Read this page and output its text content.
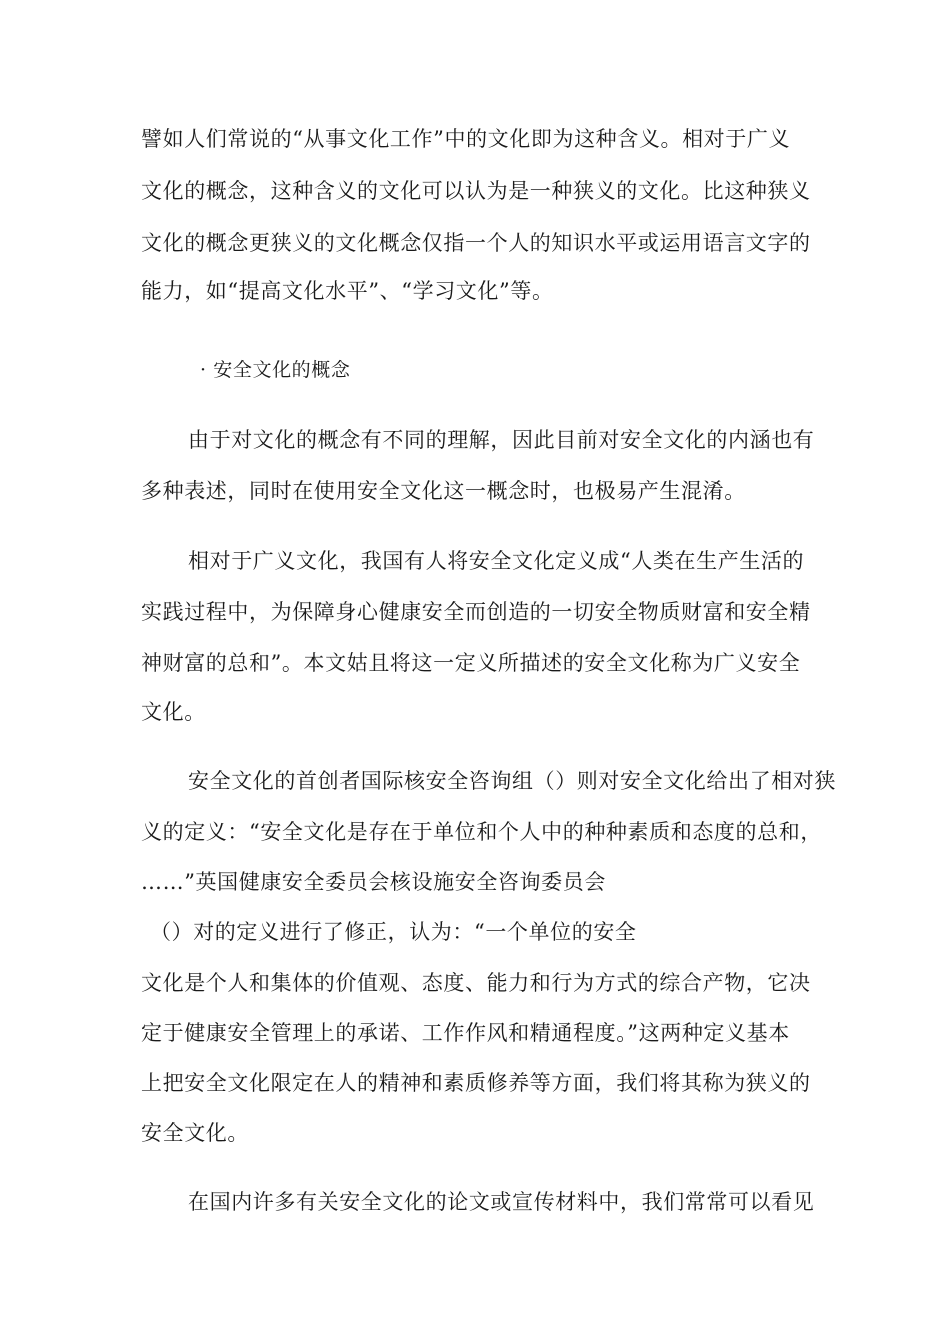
譬如人们常说的“从事文化工作”中的文化即为这种含义。相对于广义
文化的概念，这种含义的文化可以认为是一种狭义的文化。比这种狭义
文化的概念更狭义的文化概念仅指一个人的知识水平或运用语言文字的
能力，如“提高文化水平”、“学习文化”等。
· 安全文化的概念
由于对文化的概念有不同的理解，因此目前对安全文化的内涵也有
多种表述，同时在使用安全文化这一概念时，也极易产生混淆。
相对于广义文化，我国有人将安全文化定义成“人类在生产生活的
实践过程中，为保障身心健康安全而创造的一切安全物质财富和安全精
神财富的总和”。本文姑且将这一定义所描述的安全文化称为广义安全
文化。
安全文化的首创者国际核安全咨询组（）则对安全文化给出了相对狭
义的定义：“安全文化是存在于单位和个人中的种种素质和态度的总和，
……”英国健康安全委员会核设施安全咨询委员会
（）对的定义进行了修正，认为：“一个单位的安全
文化是个人和集体的价值观、态度、能力和行为方式的综合产物，它决
定于健康安全管理上的承诺、工作作风和精通程度。”这两种定义基本
上把安全文化限定在人的精神和素质修养等方面，我们将其称为狭义的
安全文化。
在国内许多有关安全文化的论文或宣传材料中，我们常常可以看见
